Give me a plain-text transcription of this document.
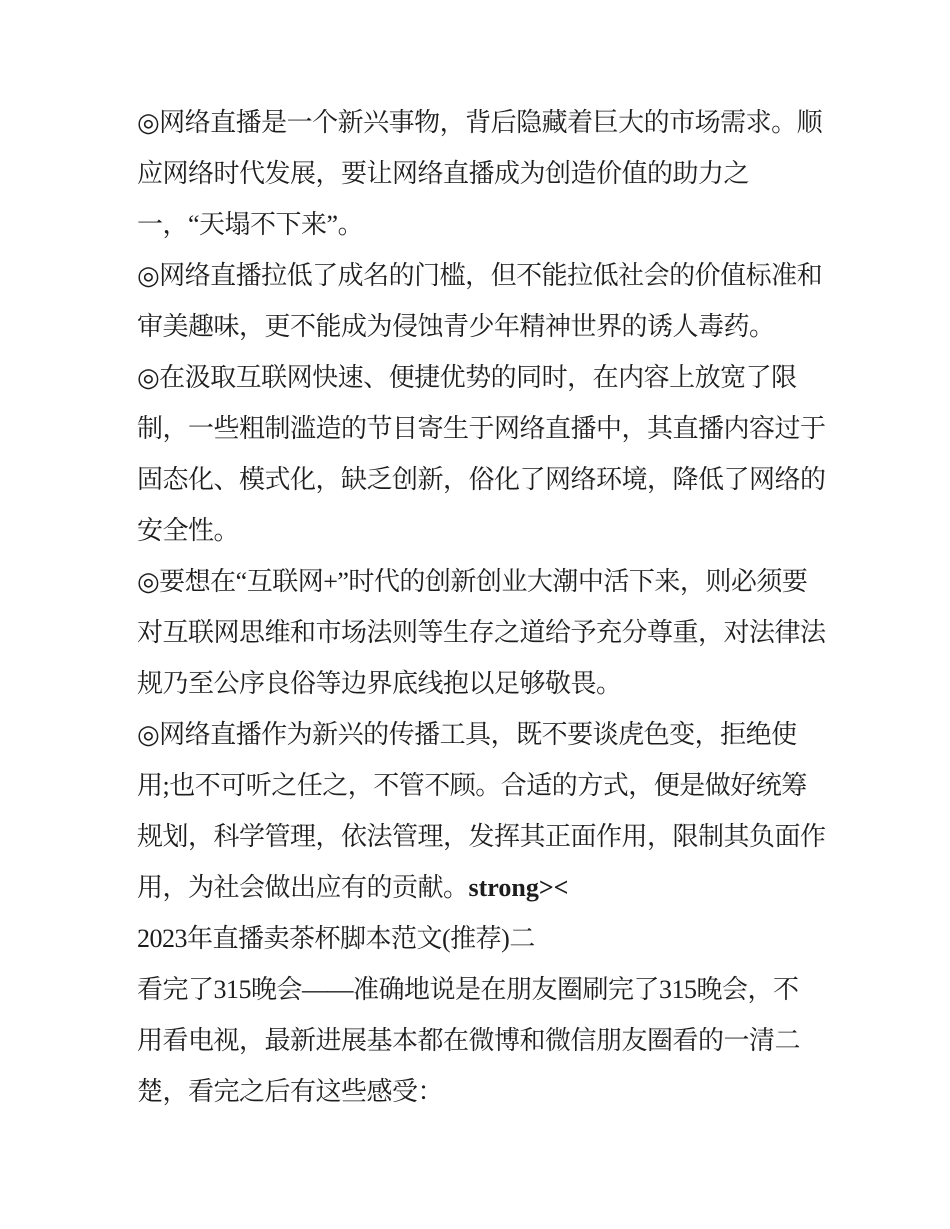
◎网络直播是一个新兴事物，背后隐藏着巨大的市场需求。顺
应网络时代发展，要让网络直播成为创造价值的助力之
一，“天塌不下来”。
◎网络直播拉低了成名的门槛，但不能拉低社会的价值标准和
审美趣味，更不能成为侵蚀青少年精神世界的诱人毒药。
◎在汲取互联网快速、便捷优势的同时，在内容上放宽了限
制，一些粗制滥造的节目寄生于网络直播中，其直播内容过于
固态化、模式化，缺乏创新，俗化了网络环境，降低了网络的
安全性。
◎要想在“互联网+”时代的创新创业大潮中活下来，则必须要
对互联网思维和市场法则等生存之道给予充分尊重，对法律法
规乃至公序良俗等边界底线抱以足够敬畏。
◎网络直播作为新兴的传播工具，既不要谈虎色变，拒绝使
用;也不可听之任之，不管不顾。合适的方式，便是做好统筹
规划，科学管理，依法管理，发挥其正面作用，限制其负面作
用，为社会做出应有的贡献。strong><
2023年直播卖茶杯脚本范文(推荐)二
看完了315晚会——准确地说是在朋友圈刷完了315晚会，不
用看电视，最新进展基本都在微博和微信朋友圈看的一清二
楚，看完之后有这些感受：
